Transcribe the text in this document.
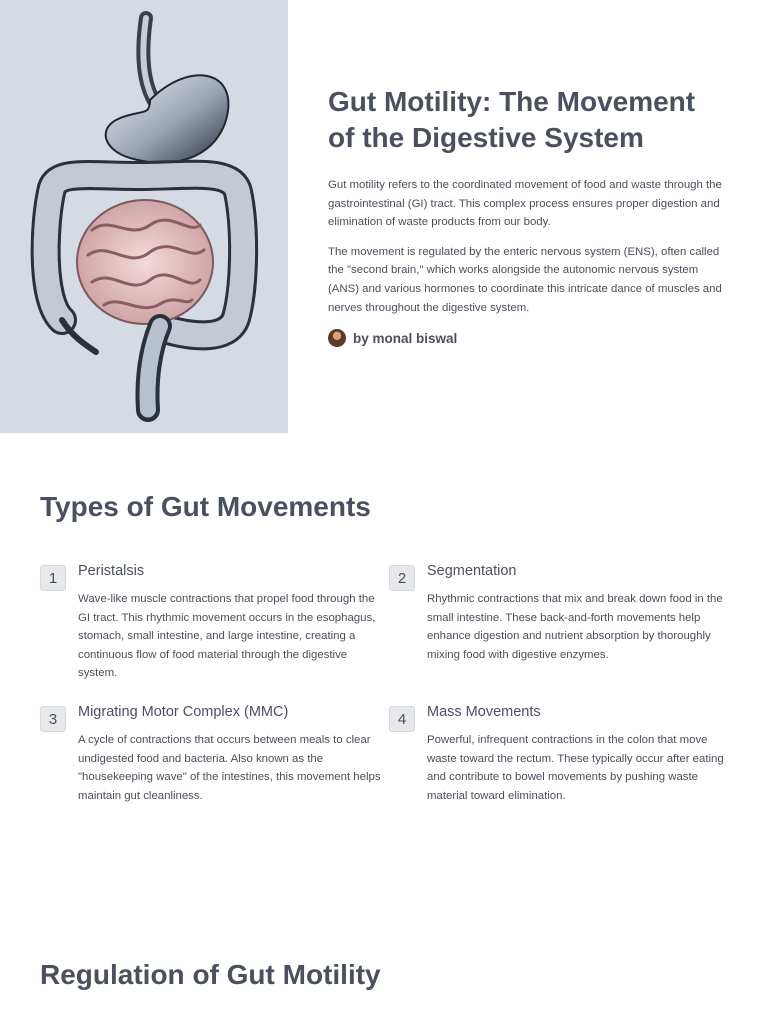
Gut Motility: The Movement of the Digestive System

Gut motility refers to the coordinated movement of food and waste through the gastrointestinal (GI) tract. This complex process ensures proper digestion and elimination of waste products from our body.

The movement is regulated by the enteric nervous system (ENS), often called the "second brain," which works alongside the autonomic nervous system (ANS) and various hormones to coordinate this intricate dance of muscles and nerves throughout the digestive system.

by monal biswal
Types of Gut Movements
1	Peristalsis

Wave-like muscle contractions that propel food through the GI tract. This rhythmic movement occurs in the esophagus, stomach, small intestine, and large intestine, creating a continuous flow of food material through the digestive system.

2	Segmentation

Rhythmic contractions that mix and break down food in the small intestine. These back-and-forth movements help enhance digestion and nutrient absorption by thoroughly mixing food with digestive enzymes.

3	Migrating Motor Complex (MMC)

A cycle of contractions that occurs between meals to clear undigested food and bacteria. Also known as the "housekeeping wave" of the intestines, this movement helps maintain gut cleanliness.

4	Mass Movements

Powerful, infrequent contractions in the colon that move waste toward the rectum. These typically occur after eating and contribute to bowel movements by pushing waste material toward elimination.

Regulation of Gut Motility
